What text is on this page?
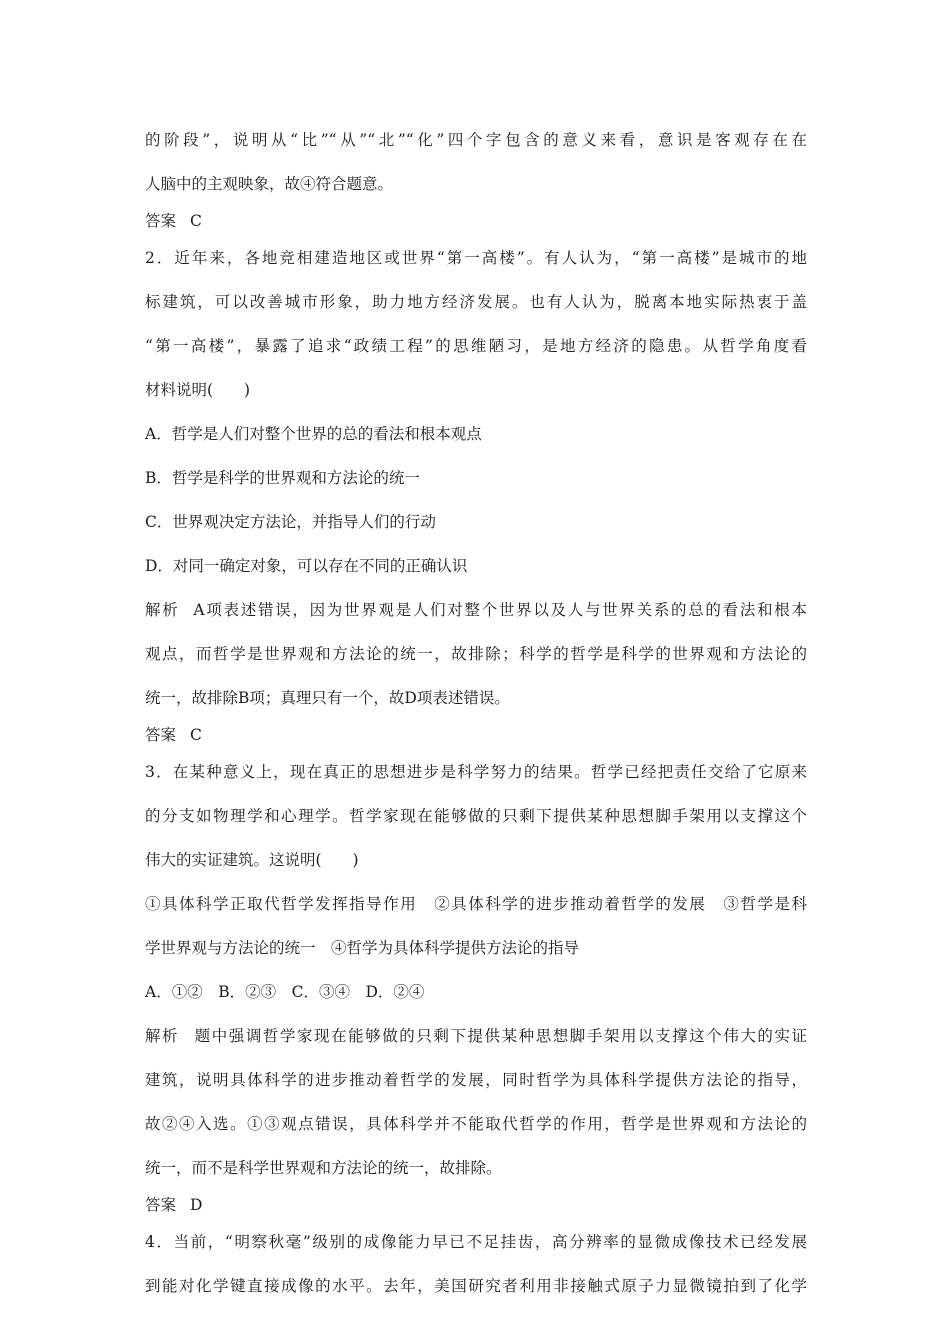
的阶段”，说明从“比”“从”“北”“化”四个字包含的意义来看，意识是客观存在在
人脑中的主观映象，故④符合题意。
答案 C
2．近年来，各地竞相建造地区或世界“第一高楼”。有人认为，“第一高楼”是城市的地
标建筑，可以改善城市形象，助力地方经济发展。也有人认为，脱离本地实际热衷于盖
“第一高楼”，暴露了追求“政绩工程”的思维陋习，是地方经济的隐患。从哲学角度看
材料说明(　　)
A．哲学是人们对整个世界的总的看法和根本观点
B．哲学是科学的世界观和方法论的统一
C．世界观决定方法论，并指导人们的行动
D．对同一确定对象，可以存在不同的正确认识
解析 A项表述错误，因为世界观是人们对整个世界以及人与世界关系的总的看法和根本
观点，而哲学是世界观和方法论的统一，故排除；科学的哲学是科学的世界观和方法论的
统一，故排除B项；真理只有一个，故D项表述错误。
答案 C
3．在某种意义上，现在真正的思想进步是科学努力的结果。哲学已经把责任交给了它原来
的分支如物理学和心理学。哲学家现在能够做的只剩下提供某种思想脚手架用以支撑这个
伟大的实证建筑。这说明(　　)
①具体科学正取代哲学发挥指导作用　②具体科学的进步推动着哲学的发展　③哲学是科
学世界观与方法论的统一　④哲学为具体科学提供方法论的指导
A．①②　B．②③　C．③④　D．②④
解析 题中强调哲学家现在能够做的只剩下提供某种思想脚手架用以支撑这个伟大的实证
建筑，说明具体科学的进步推动着哲学的发展，同时哲学为具体科学提供方法论的指导，
故②④入选。①③观点错误，具体科学并不能取代哲学的作用，哲学是世界观和方法论的
统一，而不是科学世界观和方法论的统一，故排除。
答案 D
4．当前，“明察秋毫”级别的成像能力早已不足挂齿，高分辨率的显微成像技术已经发展
到能对化学键直接成像的水平。去年，美国研究者利用非接触式原子力显微镜拍到了化学
